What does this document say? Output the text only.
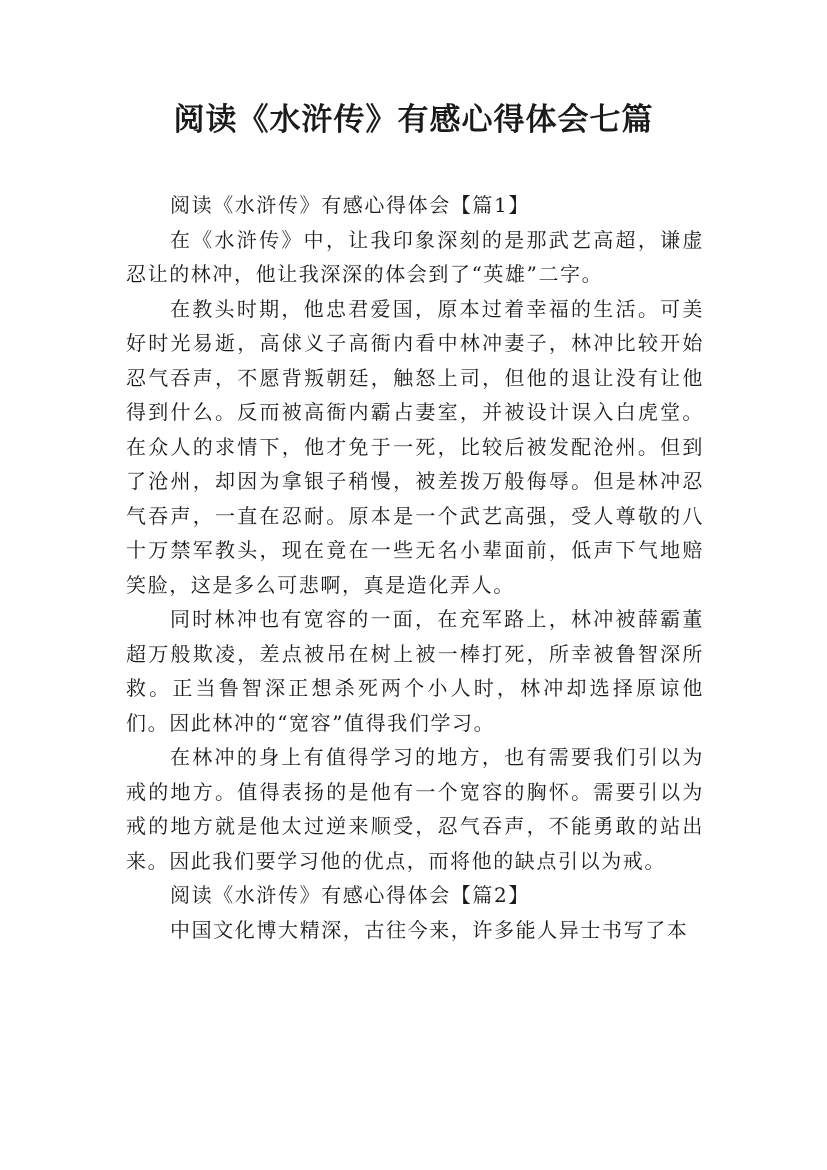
阅读《水浒传》有感心得体会七篇

阅读《水浒传》有感心得体会【篇1】

在《水浒传》中，让我印象深刻的是那武艺高超，谦虚忍让的林冲，他让我深深的体会到了“英雄”二字。

在教头时期，他忠君爱国，原本过着幸福的生活。可美好时光易逝，高俅义子高衙内看中林冲妻子，林冲比较开始忍气吞声，不愿背叛朝廷，触怒上司，但他的退让没有让他得到什么。反而被高衙内霸占妻室，并被设计误入白虎堂。在众人的求情下，他才免于一死，比较后被发配沧州。但到了沧州，却因为拿银子稍慢，被差拨万般侮辱。但是林冲忍气吞声，一直在忍耐。原本是一个武艺高强，受人尊敬的八十万禁军教头，现在竟在一些无名小辈面前，低声下气地赔笑脸，这是多么可悲啊，真是造化弄人。

同时林冲也有宽容的一面，在充军路上，林冲被薛霸董超万般欺凌，差点被吊在树上被一棒打死，所幸被鲁智深所救。正当鲁智深正想杀死两个小人时，林冲却选择原谅他们。因此林冲的“宽容”值得我们学习。

在林冲的身上有值得学习的地方，也有需要我们引以为戒的地方。值得表扬的是他有一个宽容的胸怀。需要引以为戒的地方就是他太过逆来顺受，忍气吞声，不能勇敢的站出来。因此我们要学习他的优点，而将他的缺点引以为戒。

阅读《水浒传》有感心得体会【篇2】

中国文化博大精深，古往今来，许多能人异士书写了本
